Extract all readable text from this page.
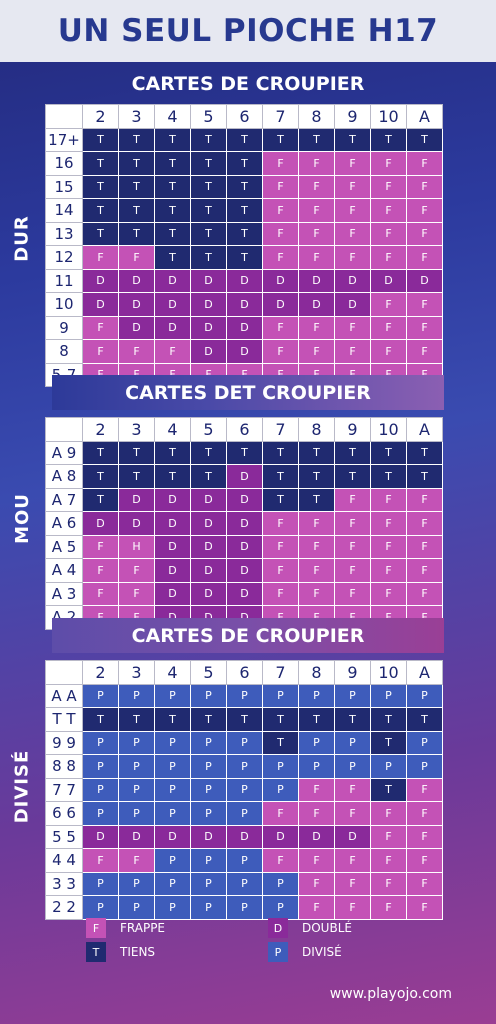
UN SEUL PIOCHE H17
CARTES DE CROUPIER
DUR
	2	3	4	5	6	7	8	9	10	A
17+	T	T	T	T	T	T	T	T	T	T
16	T	T	T	T	T	F	F	F	F	F
15	T	T	T	T	T	F	F	F	F	F
14	T	T	T	T	T	F	F	F	F	F
13	T	T	T	T	T	F	F	F	F	F
12	F	F	T	T	T	F	F	F	F	F
11	D	D	D	D	D	D	D	D	D	D
10	D	D	D	D	D	D	D	D	F	F
9	F	D	D	D	D	F	F	F	F	F
8	F	F	F	D	D	F	F	F	F	F

CARTES DET CROUPIER
MOU
	2	3	4	5	6	7	8	9	10	A
A 9	T	T	T	T	T	T	T	T	T	T
A 8	T	T	T	T	D	T	T	T	T	T
A 7	T	D	D	D	D	T	T	F	F	F
A 6	D	D	D	D	D	F	F	F	F	F
A 5	F	H	D	D	D	F	F	F	F	F
A 4	F	F	D	D	D	F	F	F	F	F
A 3	F	F	D	D	D	F	F	F	F	F

CARTES DE CROUPIER
DIVISÉ
	2	3	4	5	6	7	8	9	10	A
A A	P	P	P	P	P	P	P	P	P	P
T T	T	T	T	T	T	T	T	T	T	T
9 9	P	P	P	P	P	T	P	P	T	P
8 8	P	P	P	P	P	P	P	P	P	P
7 7	P	P	P	P	P	P	F	F	T	F
6 6	P	P	P	P	P	F	F	F	F	F
5 5	D	D	D	D	D	D	D	D	F	F
4 4	F	F	P	P	P	F	F	F	F	F
3 3	P	P	P	P	P	P	F	F	F	F
2 2	P	P	P	P	P	P	F	F	F	F
F	FRAPPE
T	TIENS
D	DOUBLÉ
P	DIVISÉ
www.playojo.com
